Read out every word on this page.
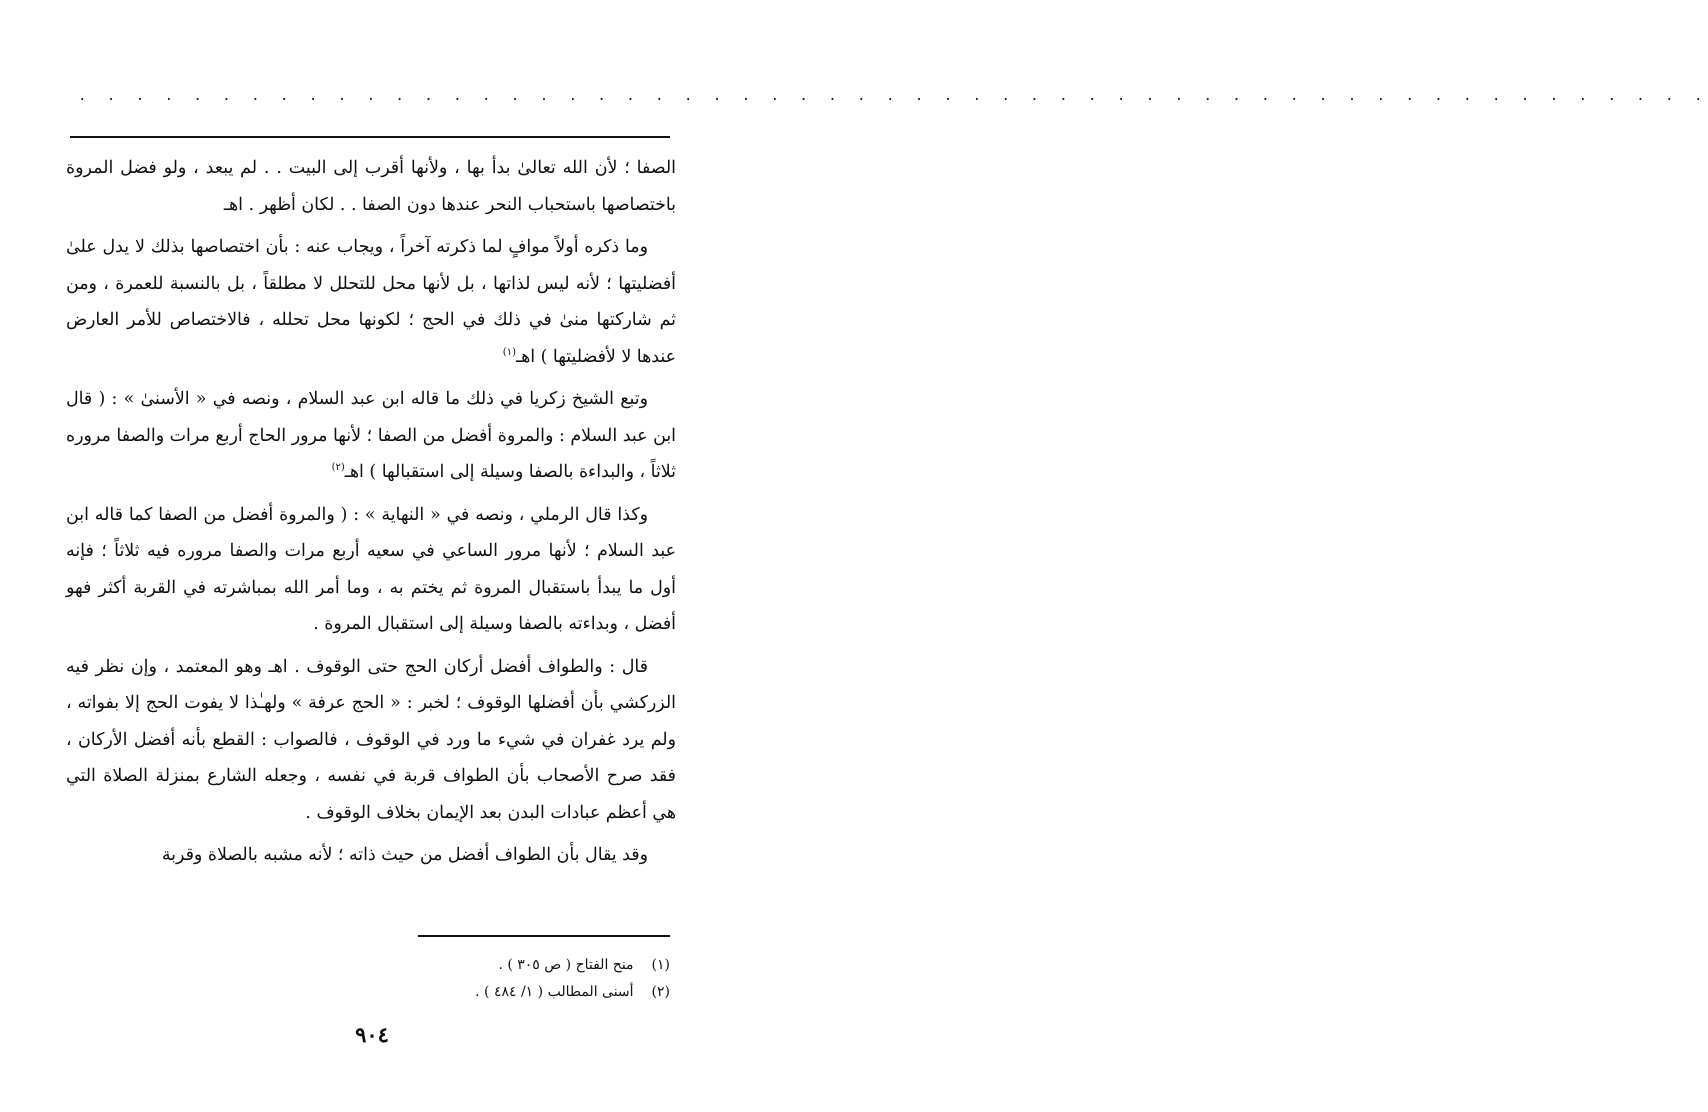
. . . . . . . . . . . . . . . . . . . . . . . . . . . . . . . . . . . . . . . . . . . . . . . . . . . . . . . . .

الصفا ؛ لأن الله تعالىٰ بدأ بها ، ولأنها أقرب إلى البيت . . لم يبعد ، ولو فضل المروة باختصاصها باستحباب النحر عندها دون الصفا . . لكان أظهر . اهـ

وما ذكره أولاً موافٍ لما ذكرته آخراً ، ويجاب عنه : بأن اختصاصها بذلك لا يدل علىٰ أفضليتها ؛ لأنه ليس لذاتها ، بل لأنها محل للتحلل لا مطلقاً ، بل بالنسبة للعمرة ، ومن ثم شاركتها منىٰ في ذلك في الحج ؛ لكونها محل تحلله ، فالاختصاص للأمر العارض عندها لا لأفضليتها ) اهـ$^{(١)}$

وتبع الشيخ زكريا في ذلك ما قاله ابن عبد السلام ، ونصه في « الأسنىٰ » : ( قال ابن عبد السلام : والمروة أفضل من الصفا ؛ لأنها مرور الحاج أربع مرات والصفا مروره ثلاثاً ، والبداءة بالصفا وسيلة إلى استقبالها ) اهـ$^{(٢)}$

وكذا قال الرملي ، ونصه في « النهاية » : ( والمروة أفضل من الصفا كما قاله ابن عبد السلام ؛ لأنها مرور الساعي في سعيه أربع مرات والصفا مروره فيه ثلاثاً ؛ فإنه أول ما يبدأ باستقبال المروة ثم يختم به ، وما أمر الله بمباشرته في القربة أكثر فهو أفضل ، وبداءته بالصفا وسيلة إلى استقبال المروة .

قال : والطواف أفضل أركان الحج حتى الوقوف . اهـ وهو المعتمد ، وإن نظر فيه الزركشي بأن أفضلها الوقوف ؛ لخبر : « الحج عرفة » ولهـٰذا لا يفوت الحج إلا بفواته ، ولم يرد غفران في شيء ما ورد في الوقوف ، فالصواب : القطع بأنه أفضل الأركان ، فقد صرح الأصحاب بأن الطواف قربة في نفسه ، وجعله الشارع بمنزلة الصلاة التي هي أعظم عبادات البدن بعد الإيمان بخلاف الوقوف .

وقد يقال بأن الطواف أفضل من حيث ذاته ؛ لأنه مشبه بالصلاة وقربة

(١) منح الفتاح ( ص ٣٠٥ ) .
(٢) أسنى المطالب ( ١/ ٤٨٤ ) .
٩٠٤
